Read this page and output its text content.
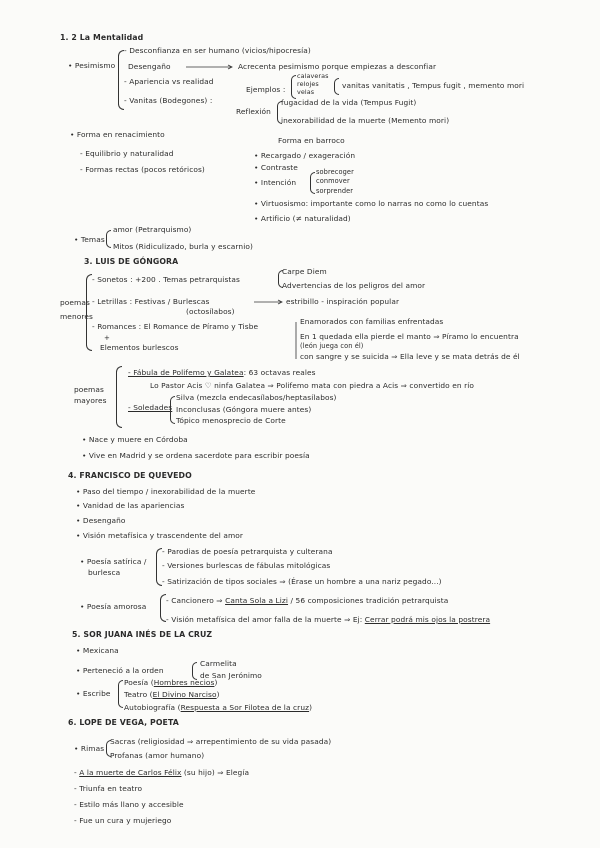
1. 2 La Mentalidad
• Pesimismo
- Desconfianza en ser humano (vicios/hipocresía)
Desengaño	Acrecenta pesimismo porque empiezas a desconfiar
- Apariencia vs realidad
- Vanitas (Bodegones) :
Ejemplos :
calaveras
relojes
velas
vanitas vanitatis , Tempus fugit , memento mori
Reflexión
fugacidad de la vida (Tempus Fugit)
inexorabilidad de la muerte (Memento mori)
• Forma en renacimiento
- Equilibrio y naturalidad
- Formas rectas (pocos retóricos)
Forma en barroco
• Recargado / exageración
• Contraste
• Intención
sobrecoger
conmover
sorprender
• Virtuosismo: importante como lo narras no como lo cuentas
• Artificio (≠ naturalidad)
• Temas
amor (Petrarquismo)
Mitos (Ridiculizado, burla y escarnio)
3. LUIS DE GÓNGORA
poemas menores
- Sonetos : +200 . Temas petrarquistas
Carpe Diem
Advertencias de los peligros del amor
- Letrillas : Festivas / Burlescas
(octosílabos)
estribillo - inspiración popular
- Romances : El Romance de Píramo y Tisbe
+
Elementos burlescos
Enamorados con familias enfrentadas
En 1 quedada ella pierde el manto ⇒ Píramo lo encuentra
(león juega con él)
con sangre y se suicida ⇒ Ella leve y se mata detrás de él
poemas mayores
- Fábula de Polifemo y Galatea: 63 octavas reales
Lo Pastor Acis ♡ ninfa Galatea ⇒ Polifemo mata con piedra a Acis ⇒ convertido en río
- Soledades
Silva (mezcla endecasílabos/heptasílabos)
Inconclusas (Góngora muere antes)
Tópico menosprecio de Corte
• Nace y muere en Córdoba
• Vive en Madrid y se ordena sacerdote para escribir poesía
4. FRANCISCO DE QUEVEDO
• Paso del tiempo / inexorabilidad de la muerte
• Vanidad de las apariencias
• Desengaño
• Visión metafísica y trascendente del amor
• Poesía satírica /
burlesca
- Parodias de poesía petrarquista y culterana
- Versiones burlescas de fábulas mitológicas
- Satirización de tipos sociales ⇒ (Érase un hombre a una nariz pegado...)
• Poesía amorosa
- Cancionero ⇒ Canta Sola a Lizi / 56 composiciones tradición petrarquista
- Visión metafísica del amor falla de la muerte ⇒ Ej: Cerrar podrá mis ojos la postrera
5. SOR JUANA INÉS DE LA CRUZ
• Mexicana
• Perteneció a la orden
Carmelita
de San Jerónimo
• Escribe
Poesía (Hombres necios)
Teatro (El Divino Narciso)
Autobiografía (Respuesta a Sor Filotea de la cruz)
6. LOPE DE VEGA, POETA
• Rimas
Sacras (religiosidad ⇒ arrepentimiento de su vida pasada)
Profanas (amor humano)
- A la muerte de Carlos Félix (su hijo) ⇒ Elegía
- Triunfa en teatro
- Estilo más llano y accesible
- Fue un cura y mujeriego
